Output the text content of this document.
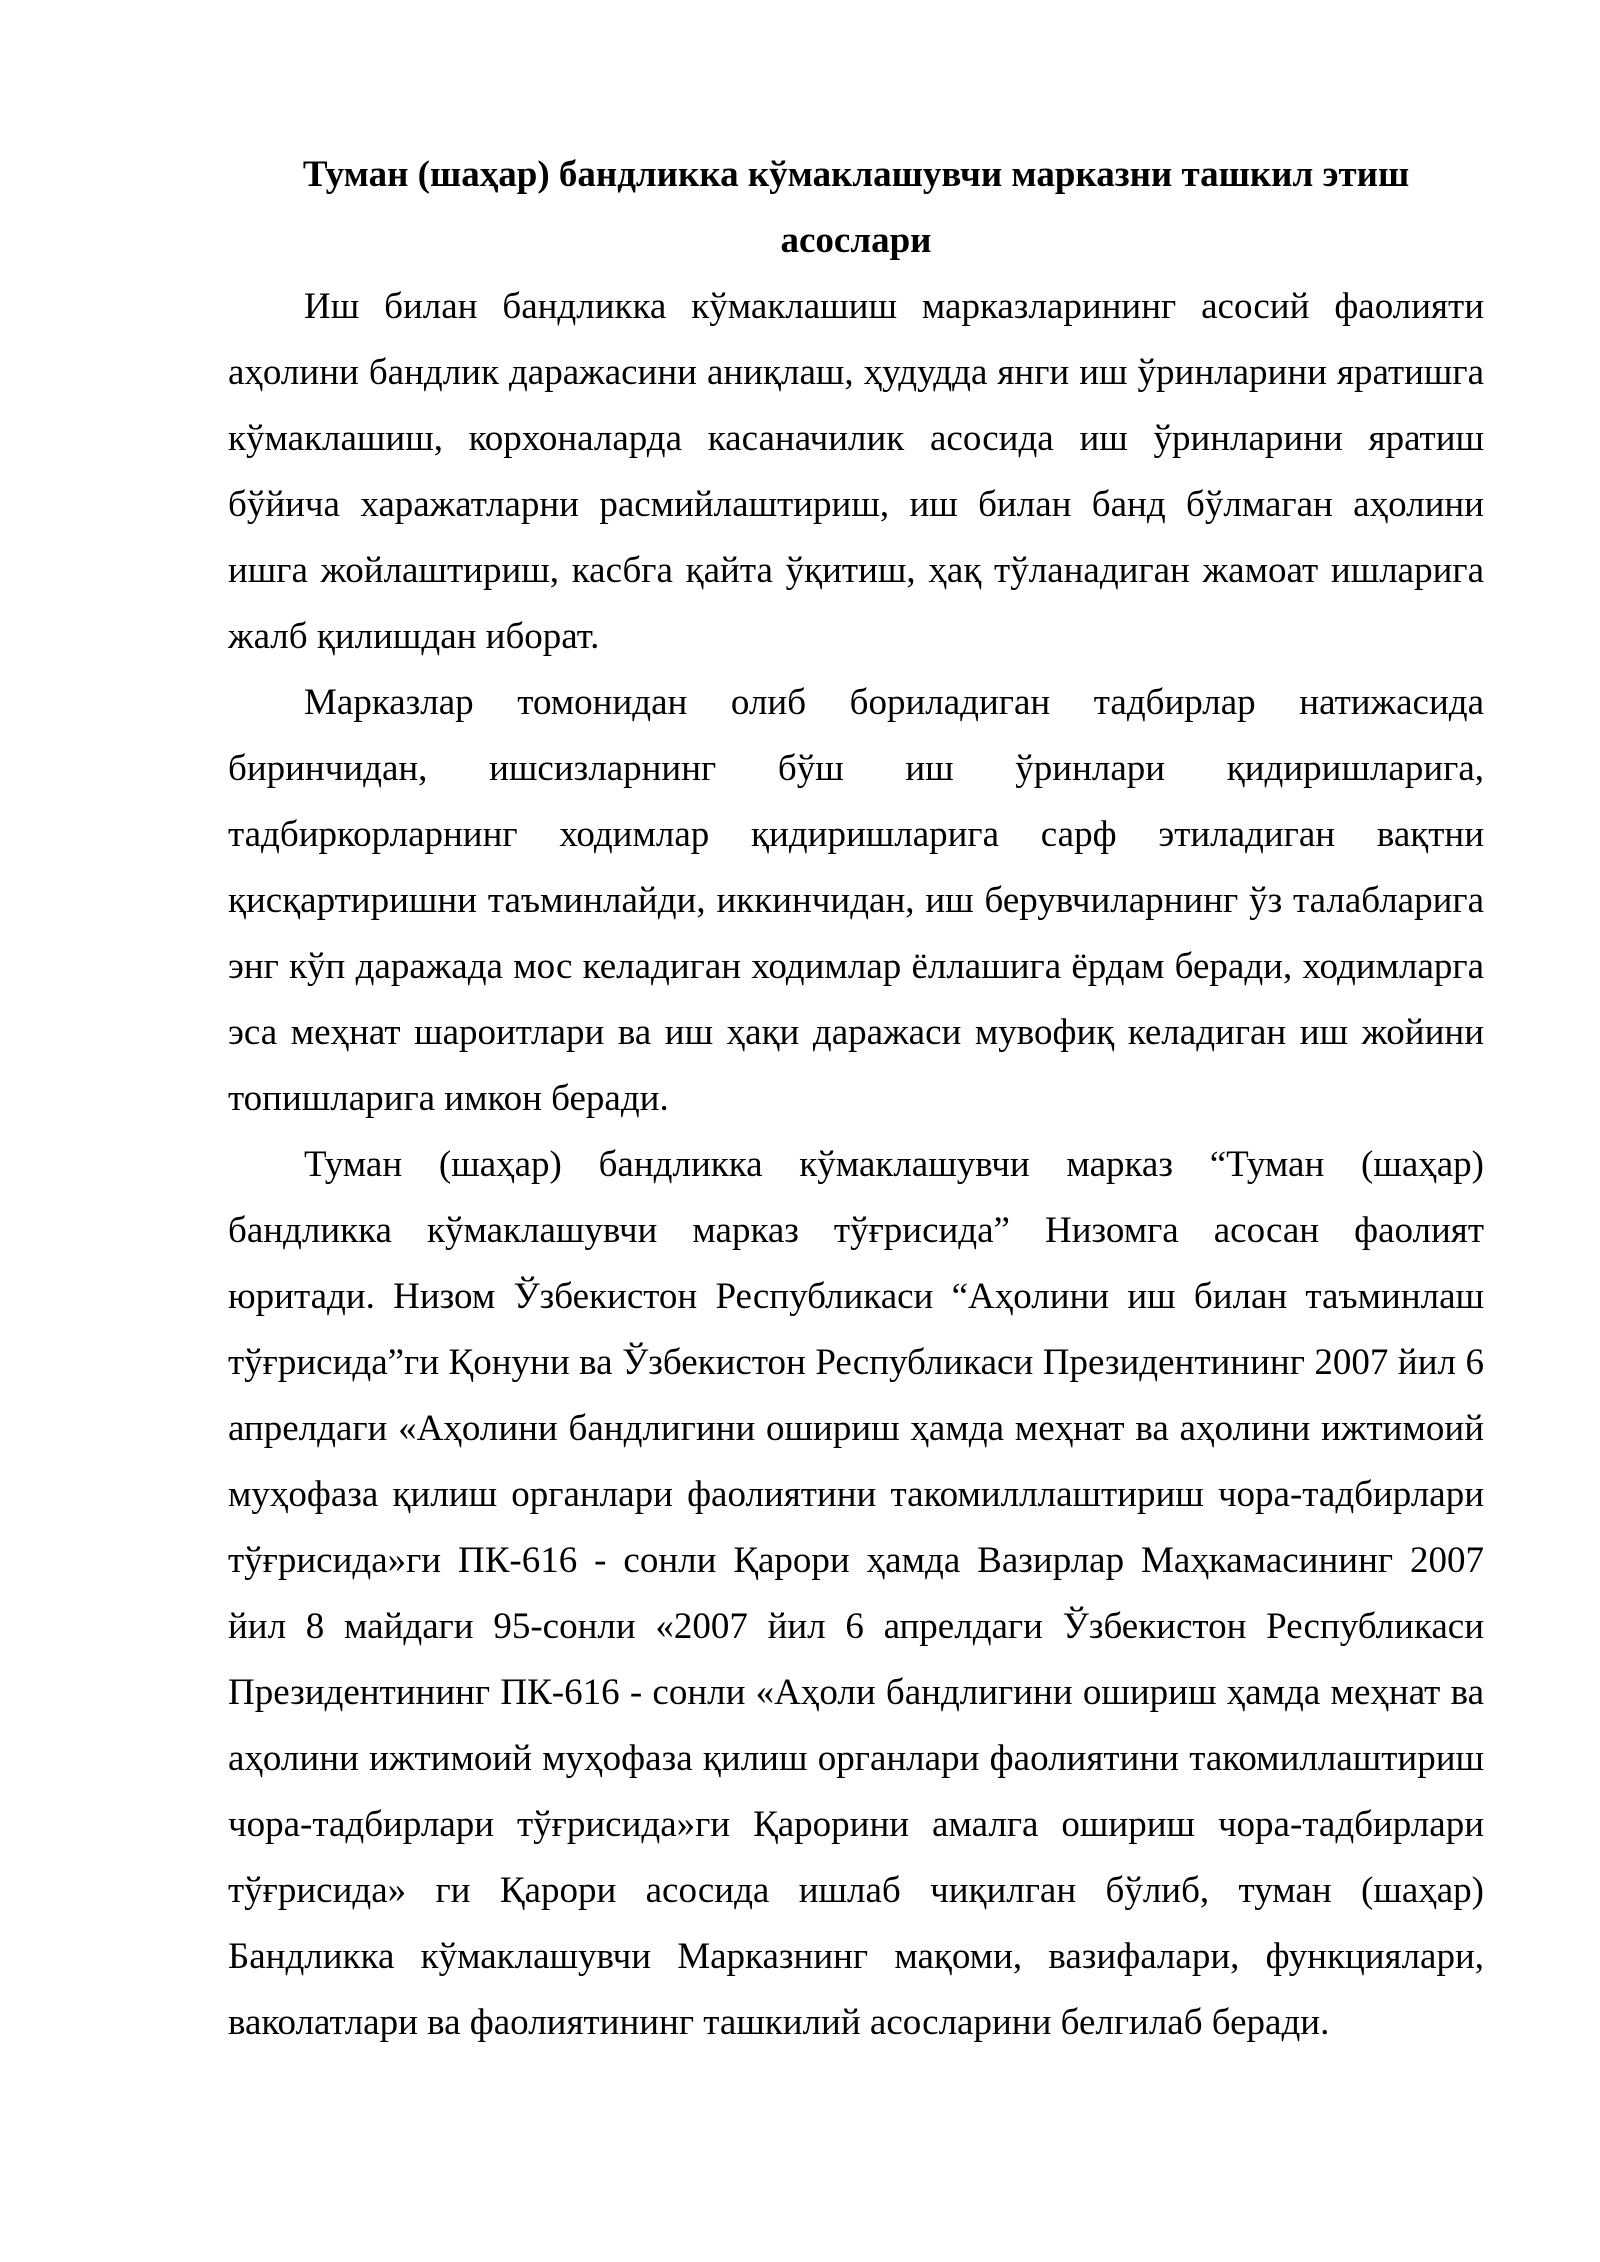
Туман (шаҳар) бандликка кўмаклашувчи марказни ташкил этиш асослари

Иш билан бандликка кўмаклашиш марказларининг асосий фаолияти аҳолини бандлик даражасини аниқлаш, ҳудудда янги иш ўринларини яратишга кўмаклашиш, корхоналарда касаначилик асосида иш ўринларини яратиш бўйича харажатларни расмийлаштириш, иш билан банд бўлмаган аҳолини ишга жойлаштириш, касбга қайта ўқитиш, ҳақ тўланадиган жамоат ишларига жалб қилишдан иборат.

Марказлар томонидан олиб бориладиган тадбирлар натижасида биринчидан, ишсизларнинг бўш иш ўринлари қидиришларига, тадбиркорларнинг ходимлар қидиришларига сарф этиладиган вақтни қисқартиришни таъминлайди, иккинчидан, иш берувчиларнинг ўз талабларига энг кўп даражада мос келадиган ходимлар ёллашига ёрдам беради, ходимларга эса меҳнат шароитлари ва иш ҳақи даражаси мувофиқ келадиган иш жойини топишларига имкон беради.

Туман (шаҳар) бандликка кўмаклашувчи марказ “Туман (шаҳар) бандликка кўмаклашувчи марказ тўғрисида” Низомга асосан фаолият юритади. Низом Ўзбекистон Республикаси “Аҳолини иш билан таъминлаш тўғрисида”ги Қонуни ва Ўзбекистон Республикаси Президентининг 2007 йил 6 апрелдаги «Аҳолини бандлигини ошириш ҳамда меҳнат ва аҳолини ижтимоий муҳофаза қилиш органлари фаолиятини такомилллаштириш чора-тадбирлари тўғрисида»ги ПК-616 - сонли Қарори ҳамда Вазирлар Маҳкамасининг 2007 йил 8 майдаги 95-сонли «2007 йил 6 апрелдаги Ўзбекистон Республикаси Президентининг ПК-616 - сонли «Аҳоли бандлигини ошириш ҳамда меҳнат ва аҳолини ижтимоий муҳофаза қилиш органлари фаолиятини такомиллаштириш чора-тадбирлари тўғрисида»ги Қарорини амалга ошириш чора-тадбирлари тўғрисида» ги Қарори асосида ишлаб чиқилган бўлиб, туман (шаҳар) Бандликка кўмаклашувчи Марказнинг мақоми, вазифалари, функциялари, ваколатлари ва фаолиятининг ташкилий асосларини белгилаб беради.
